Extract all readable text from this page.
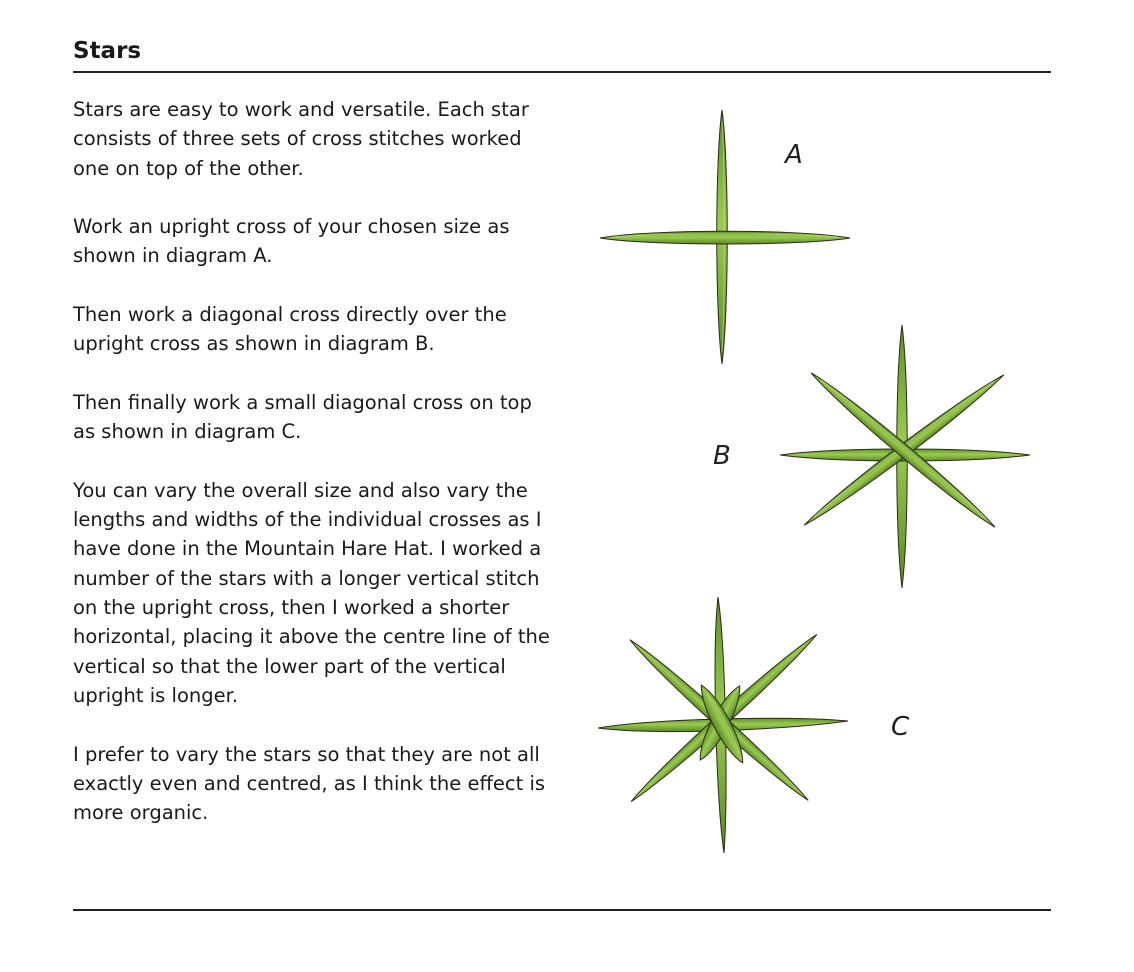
Stars

Stars are easy to work and versatile. Each star consists of three sets of cross stitches worked one on top of the other.

Work an upright cross of your chosen size as shown in diagram A.

Then work a diagonal cross directly over the upright cross as shown in diagram B.

Then finally work a small diagonal cross on top as shown in diagram C.

You can vary the overall size and also vary the lengths and widths of the individual crosses as I have done in the Mountain Hare Hat. I worked a number of the stars with a longer vertical stitch on the upright cross, then I worked a shorter horizontal, placing it above the centre line of the vertical so that the lower part of the vertical upright is longer.

I prefer to vary the stars so that they are not all exactly even and centred, as I think the effect is more organic.

A
B
C
